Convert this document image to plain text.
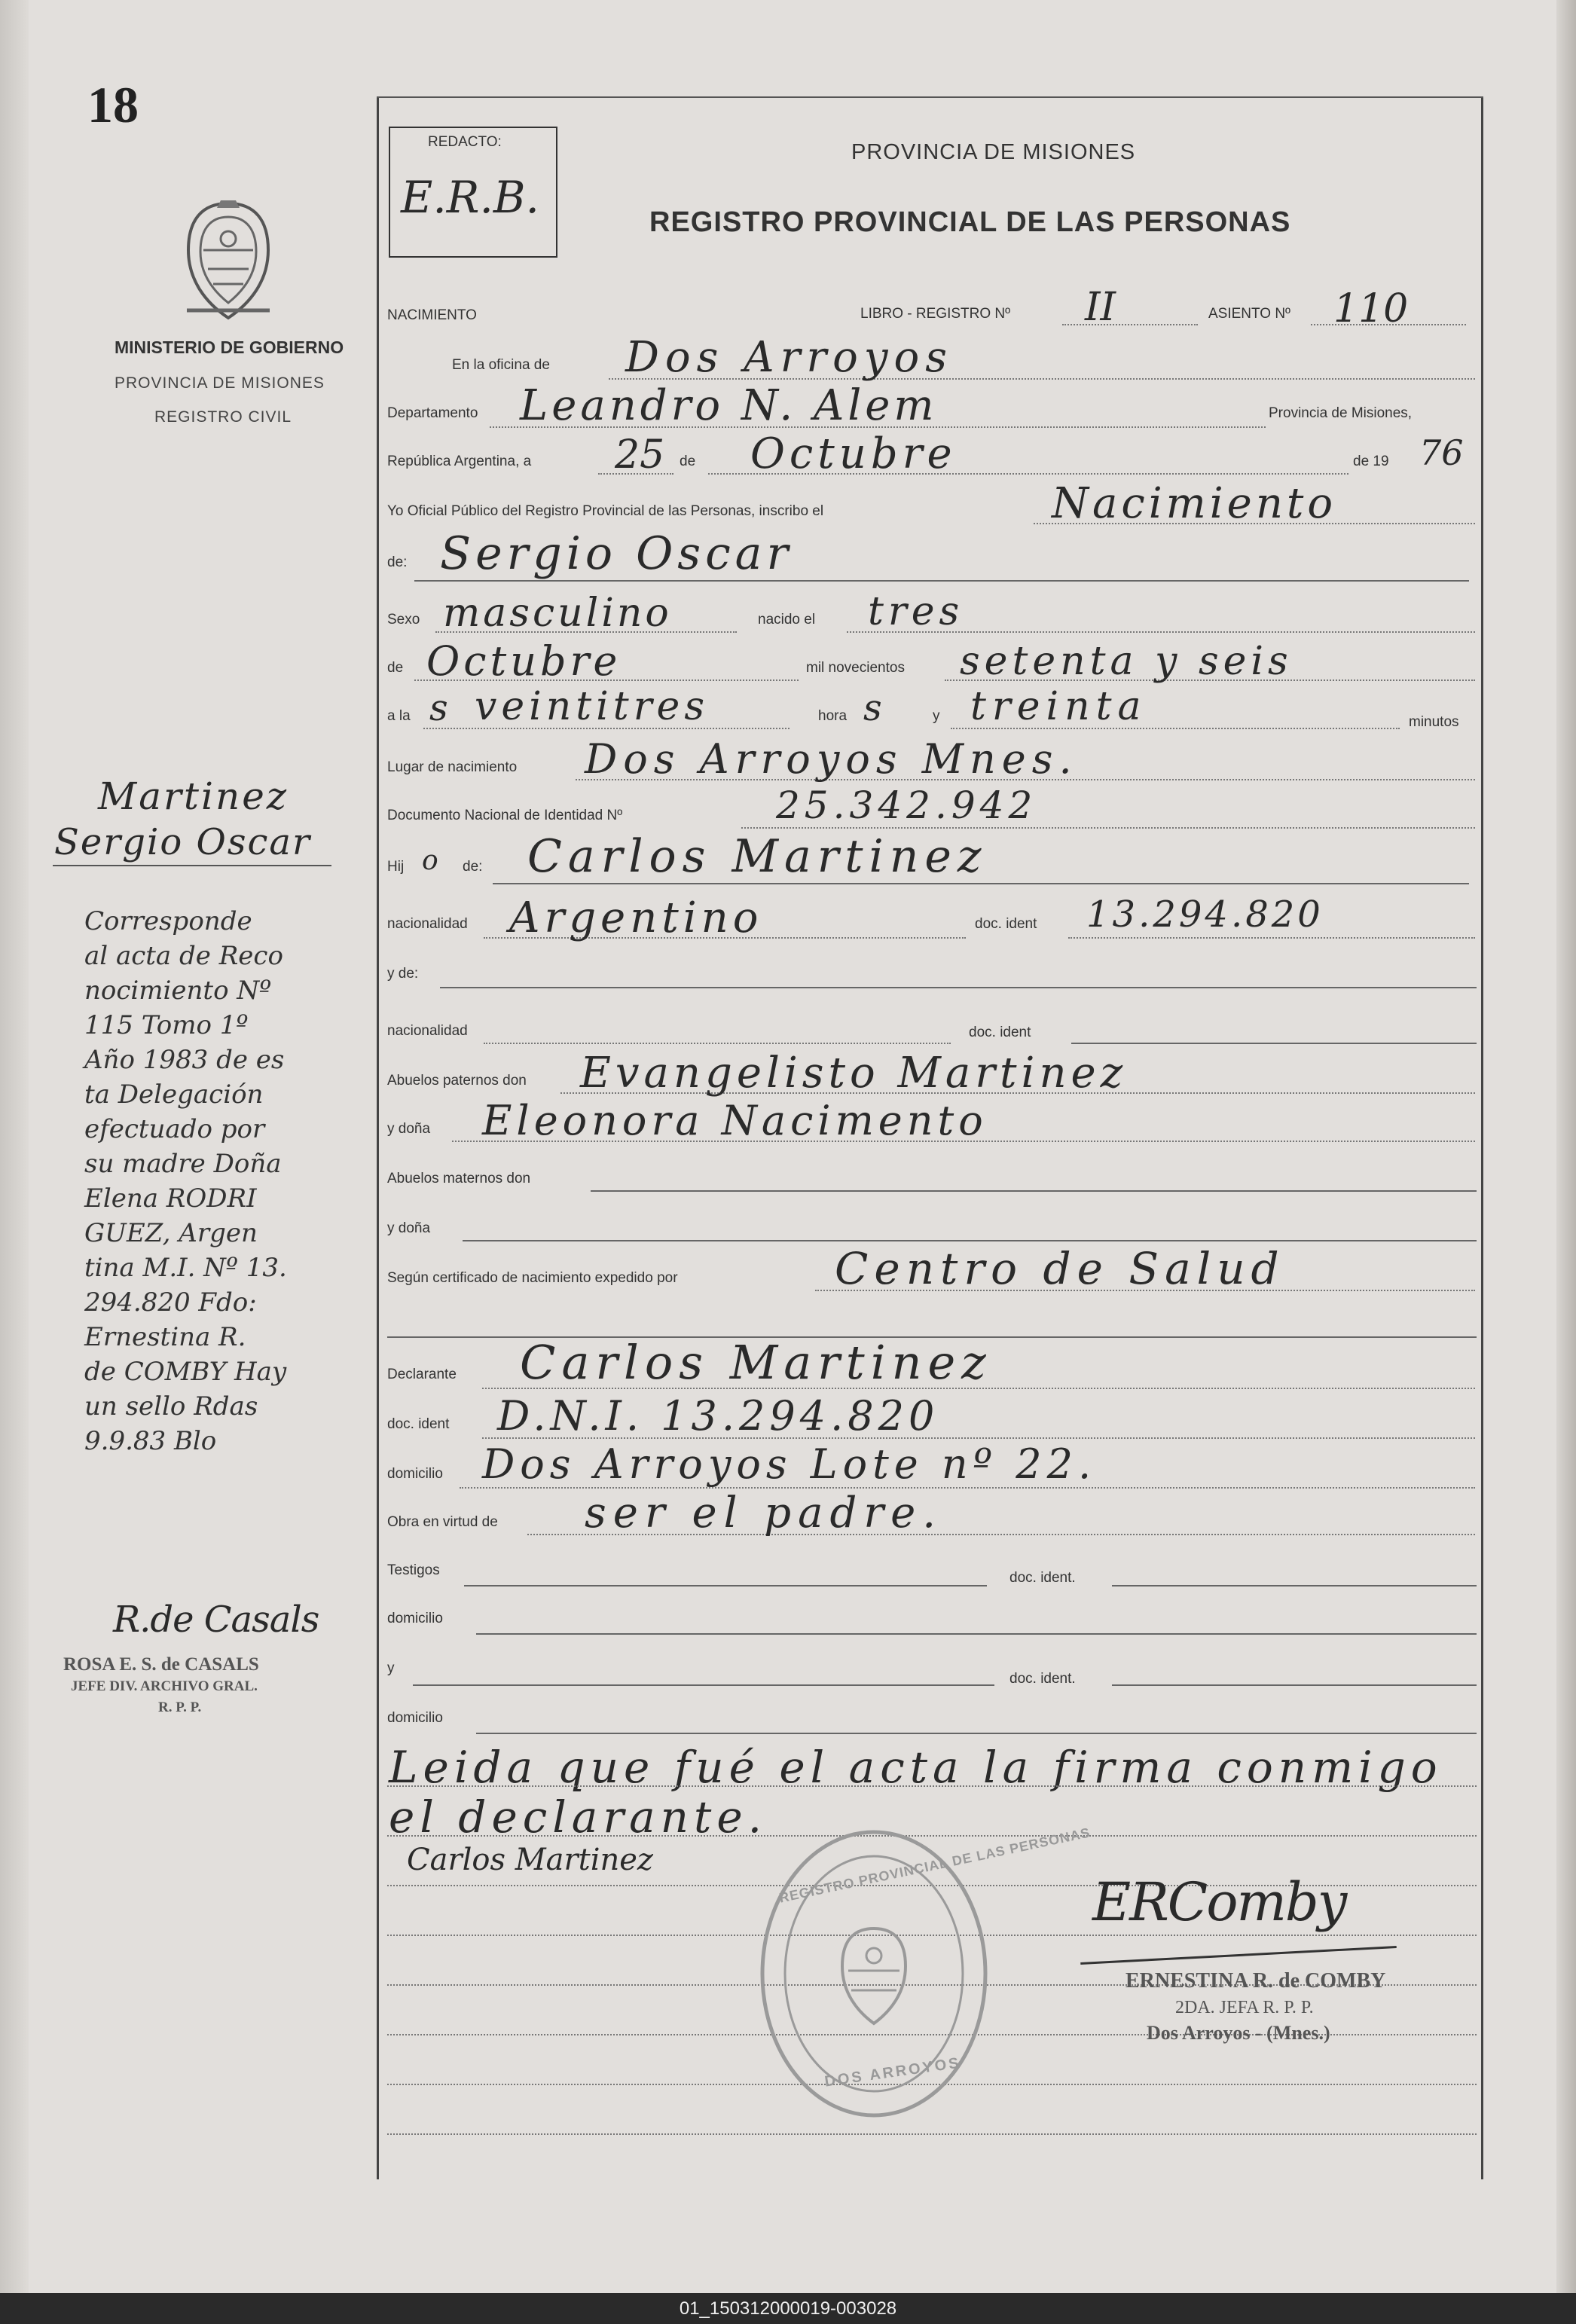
18
MINISTERIO DE GOBIERNO
PROVINCIA DE MISIONES
REGISTRO CIVIL
REDACTO:
E.R.B.
PROVINCIA DE MISIONES
REGISTRO PROVINCIAL DE LAS PERSONAS
NACIMIENTO	LIBRO - REGISTRO Nº II	ASIENTO Nº 110
En la oficina de Dos Arroyos
Departamento Leandro N. Alem	Provincia de Misiones,
República Argentina, a 25 de Octubre	de 19 76
Yo Oficial Público del Registro Provincial de las Personas, inscribo el	Nacimiento
de: Sergio Oscar
Sexo masculino	nacido el tres
de Octubre	mil novecientos setenta y seis
a la s veintitres	hora s	y treinta	minutos
Lugar de nacimiento Dos Arroyos Mnes.
Documento Nacional de Identidad Nº	25.342.942
Hij o de: Carlos Martinez
nacionalidad Argentino	doc. ident 13.294.820
y de:
nacionalidad	doc. ident
Abuelos paternos don Evangelisto Martinez
y doña Eleonora Nacimento
Abuelos maternos don
y doña
Según certificado de nacimiento expedido por	Centro de Salud
Declarante Carlos Martinez
doc. ident D.N.I. 13.294.820
domicilio Dos Arroyos Lote nº 22.
Obra en virtud de ser el padre.
Testigos	doc. ident.
domicilio
y
doc. ident.
domicilio
Leida que fué el acta la firma conmigo
el declarante.
Carlos Martinez	REGISTRO PROVINCIAL DE LAS PERSONAS
DOS ARROYOS
ERComby
ERNESTINA R. de COMBY
2DA. JEFA R. P. P.
Dos Arroyos - (Mnes.)
Martinez
Sergio Oscar
Corresponde
al acta de Reco
nocimiento Nº
115 Tomo 1º
Año 1983 de es
ta Delegación
efectuado por
su madre Doña
Elena RODRI
GUEZ, Argen
tina M.I. Nº 13.
294.820 Fdo:
Ernestina R.
de COMBY Hay
un sello Rdas
9.9.83 Blo
R.de Casals
ROSA E. S. de CASALS
JEFE DIV. ARCHIVO GRAL.
R. P. P.
01_150312000019-003028
